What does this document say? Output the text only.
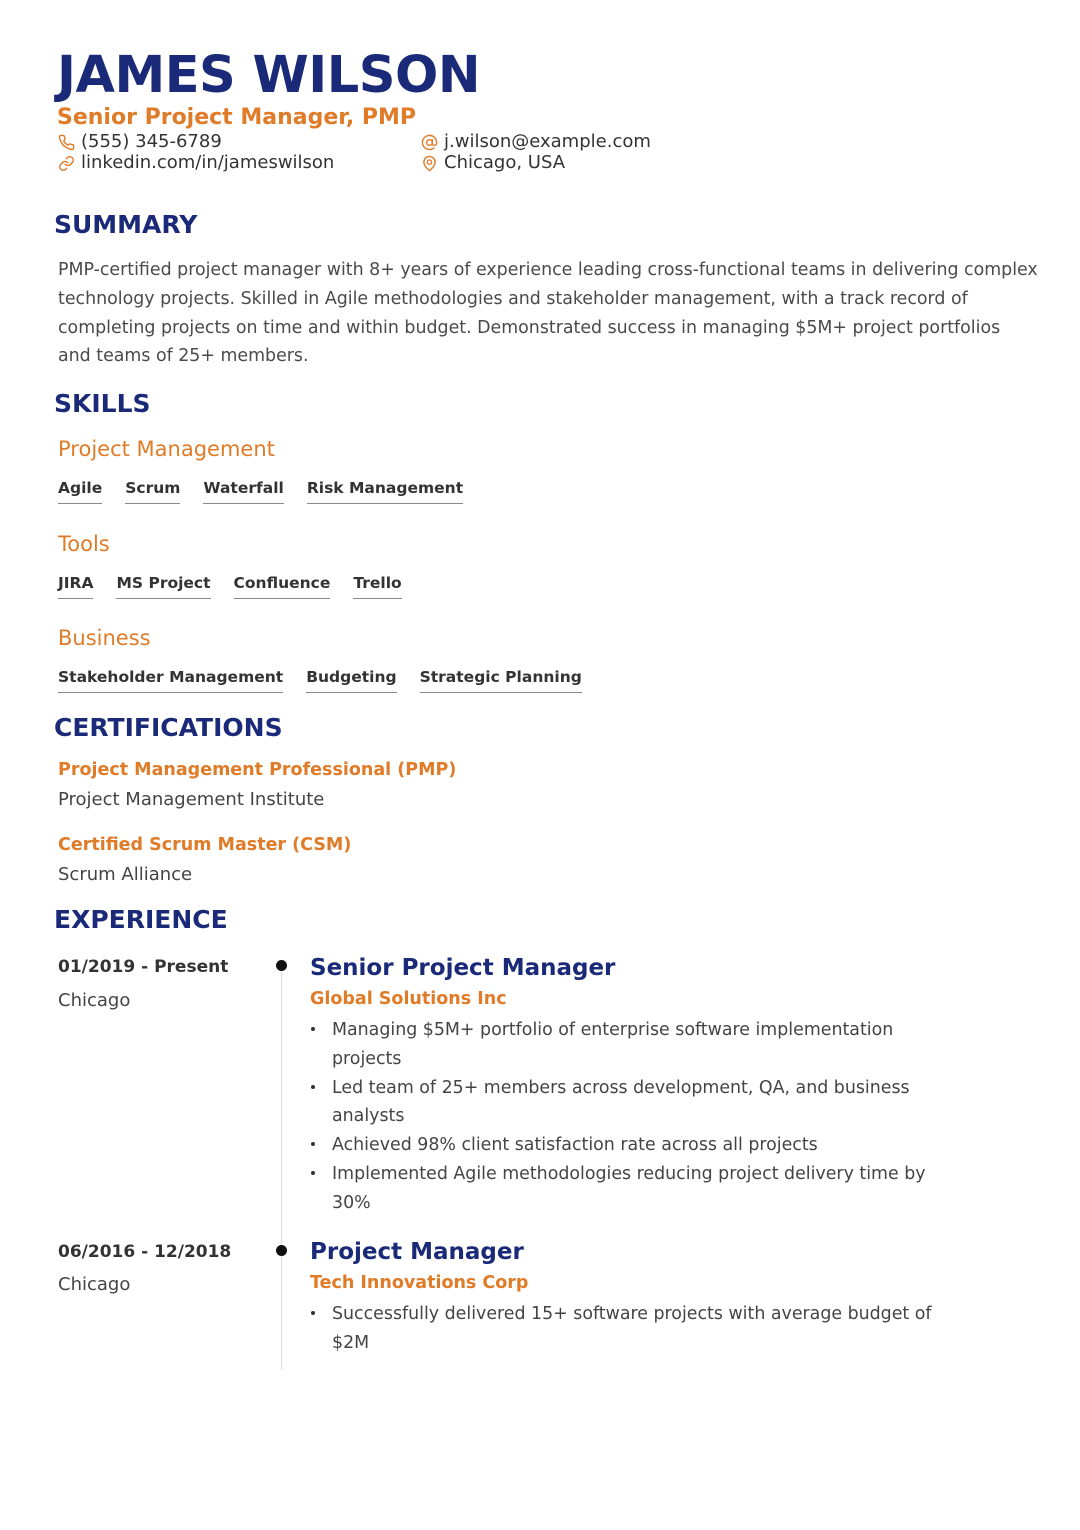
JAMES WILSON
Senior Project Manager, PMP
(555) 345-6789
linkedin.com/in/jameswilson
j.wilson@example.com
Chicago, USA
SUMMARY

PMP-certified project manager with 8+ years of experience leading cross-functional teams in delivering complex technology projects. Skilled in Agile methodologies and stakeholder management, with a track record of completing projects on time and within budget. Demonstrated success in managing $5M+ project portfolios and teams of 25+ members.

SKILLS
Project Management
Agile Scrum Waterfall Risk Management
Tools
JIRA MS Project Confluence Trello
Business
Stakeholder Management Budgeting Strategic Planning
CERTIFICATIONS
Project Management Professional (PMP)
Project Management Institute
Certified Scrum Master (CSM)
Scrum Alliance
EXPERIENCE
01/2019 - Present
Chicago
Senior Project Manager
Global Solutions Inc
Managing $5M+ portfolio of enterprise software implementation projects
Led team of 25+ members across development, QA, and business analysts
Achieved 98% client satisfaction rate across all projects
Implemented Agile methodologies reducing project delivery time by 30%
06/2016 - 12/2018
Chicago
Project Manager
Tech Innovations Corp
Successfully delivered 15+ software projects with average budget of $2M
